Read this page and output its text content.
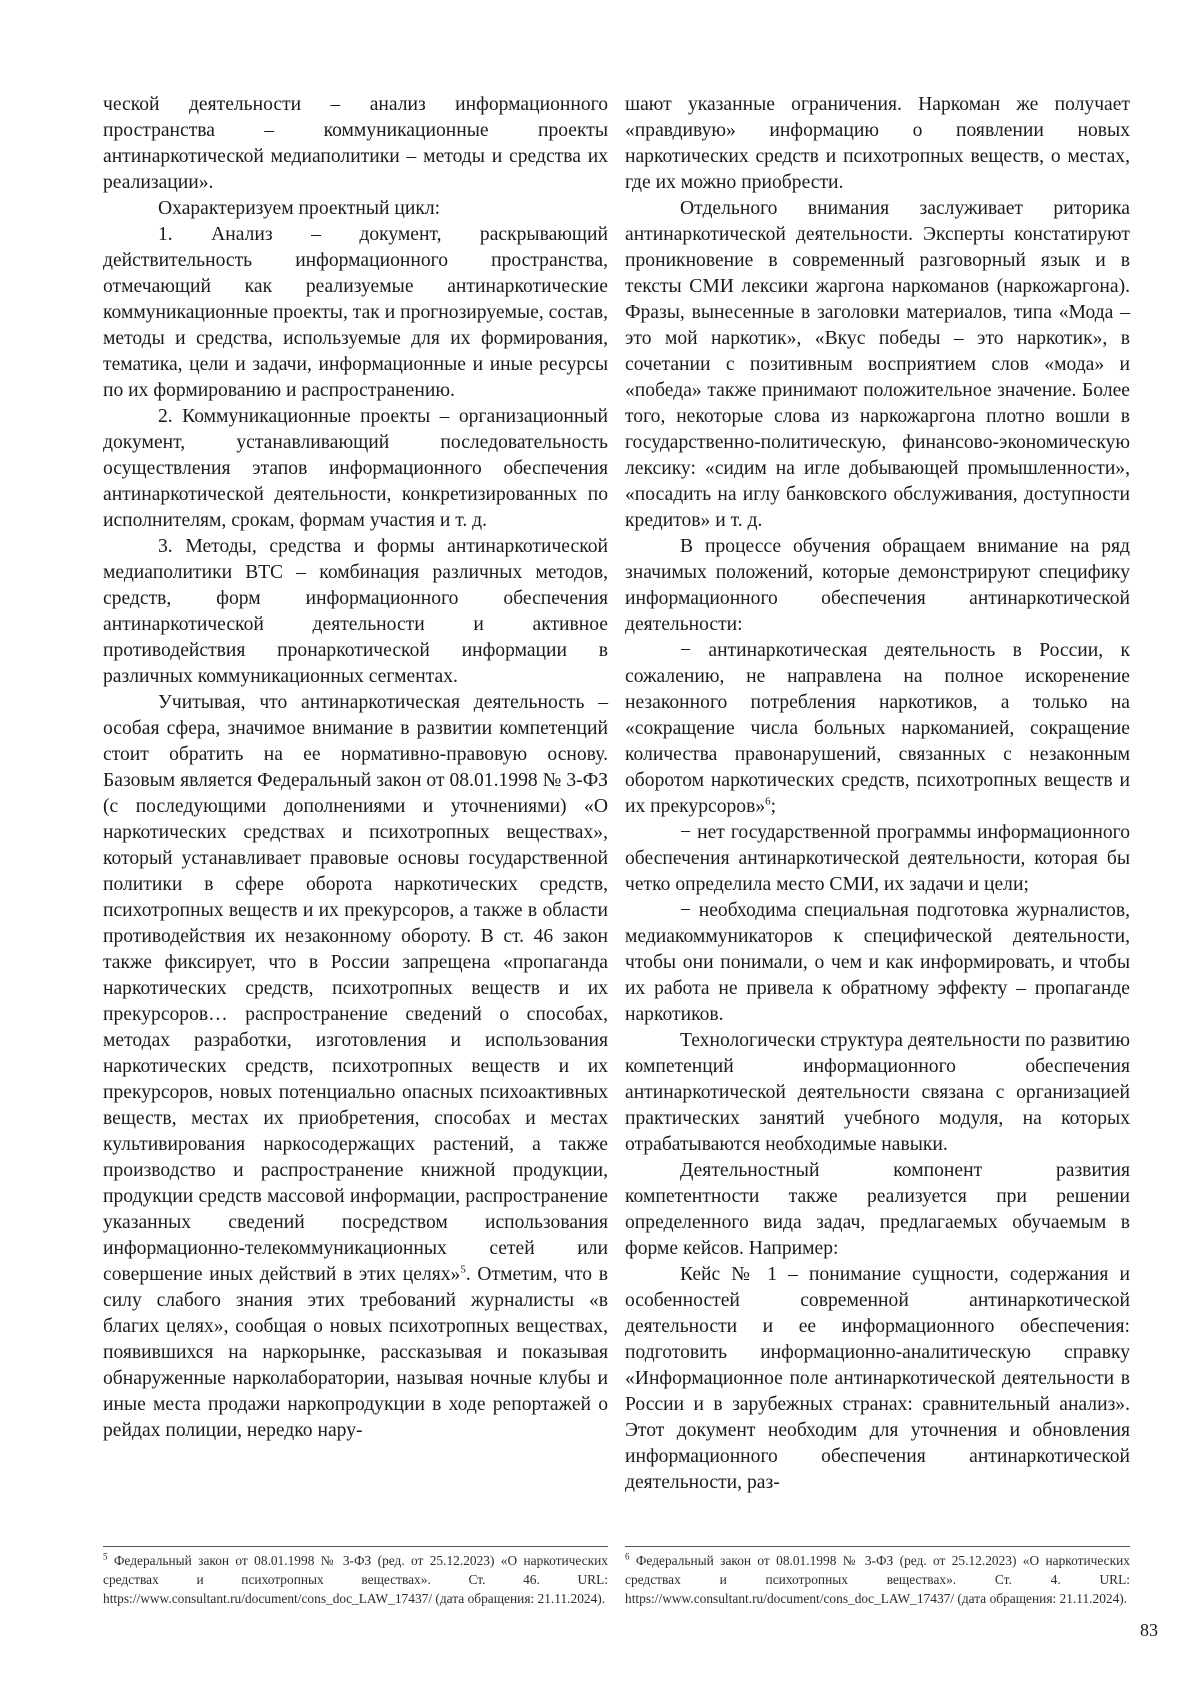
ческой деятельности – анализ информационного пространства – коммуникационные проекты антинаркотической медиаполитики – методы и средства их реализации».

Охарактеризуем проектный цикл:

1. Анализ – документ, раскрывающий действительность информационного пространства, отмечающий как реализуемые антинаркотические коммуникационные проекты, так и прогнозируемые, состав, методы и средства, используемые для их формирования, тематика, цели и задачи, информационные и иные ресурсы по их формированию и распространению.

2. Коммуникационные проекты – организационный документ, устанавливающий последовательность осуществления этапов информационного обеспечения антинаркотической деятельности, конкретизированных по исполнителям, срокам, формам участия и т. д.

3. Методы, средства и формы антинаркотической медиаполитики ВТС – комбинация различных методов, средств, форм информационного обеспечения антинаркотической деятельности и активное противодействия пронаркотической информации в различных коммуникационных сегментах.

Учитывая, что антинаркотическая деятельность – особая сфера, значимое внимание в развитии компетенций стоит обратить на ее нормативно-правовую основу. Базовым является Федеральный закон от 08.01.1998 № 3-ФЗ (с последующими дополнениями и уточнениями) «О наркотических средствах и психотропных веществах», который устанавливает правовые основы государственной политики в сфере оборота наркотических средств, психотропных веществ и их прекурсоров, а также в области противодействия их незаконному обороту. В ст. 46 закон также фиксирует, что в России запрещена «пропаганда наркотических средств, психотропных веществ и их прекурсоров… распространение сведений о способах, методах разработки, изготовления и использования наркотических средств, психотропных веществ и их прекурсоров, новых потенциально опасных психоактивных веществ, местах их приобретения, способах и местах культивирования наркосодержащих растений, а также производство и распространение книжной продукции, продукции средств массовой информации, распространение указанных сведений посредством использования информационно-телекоммуникационных сетей или совершение иных действий в этих целях»$^5$. Отметим, что в силу слабого знания этих требований журналисты «в благих целях», сообщая о новых психотропных веществах, появившихся на наркорынке, рассказывая и показывая обнаруженные нарколаборатории, называя ночные клубы и иные места продажи наркопродукции в ходе репортажей о рейдах полиции, нередко нару-

шают указанные ограничения. Наркоман же получает «правдивую» информацию о появлении новых наркотических средств и психотропных веществ, о местах, где их можно приобрести.

Отдельного внимания заслуживает риторика антинаркотической деятельности. Эксперты констатируют проникновение в современный разговорный язык и в тексты СМИ лексики жаргона наркоманов (наркожаргона). Фразы, вынесенные в заголовки материалов, типа «Мода – это мой наркотик», «Вкус победы – это наркотик», в сочетании с позитивным восприятием слов «мода» и «победа» также принимают положительное значение. Более того, некоторые слова из наркожаргона плотно вошли в государственно-политическую, финансово-экономическую лексику: «сидим на игле добывающей промышленности», «посадить на иглу банковского обслуживания, доступности кредитов» и т. д.

В процессе обучения обращаем внимание на ряд значимых положений, которые демонстрируют специфику информационного обеспечения антинаркотической деятельности:

− антинаркотическая деятельность в России, к сожалению, не направлена на полное искоренение незаконного потребления наркотиков, а только на «сокращение числа больных наркоманией, сокращение количества правонарушений, связанных с незаконным оборотом наркотических средств, психотропных веществ и их прекурсоров»$^6$;

− нет государственной программы информационного обеспечения антинаркотической деятельности, которая бы четко определила место СМИ, их задачи и цели;

− необходима специальная подготовка журналистов, медиакоммуникаторов к специфической деятельности, чтобы они понимали, о чем и как информировать, и чтобы их работа не привела к обратному эффекту – пропаганде наркотиков.

Технологически структура деятельности по развитию компетенций информационного обеспечения антинаркотической деятельности связана с организацией практических занятий учебного модуля, на которых отрабатываются необходимые навыки.

Деятельностный компонент развития компетентности также реализуется при решении определенного вида задач, предлагаемых обучаемым в форме кейсов. Например:

Кейс № 1 – понимание сущности, содержания и особенностей современной антинаркотической деятельности и ее информационного обеспечения: подготовить информационно-аналитическую справку «Информационное поле антинаркотической деятельности в России и в зарубежных странах: сравнительный анализ». Этот документ необходим для уточнения и обновления информационного обеспечения антинаркотической деятельности, раз-

$^5$ Федеральный закон от 08.01.1998 № 3-ФЗ (ред. от 25.12.2023) «О наркотических средствах и психотропных веществах». Ст. 46. URL: https://www.consultant.ru/document/cons_doc_LAW_17437/ (дата обращения: 21.11.2024).

$^6$ Федеральный закон от 08.01.1998 № 3-ФЗ (ред. от 25.12.2023) «О наркотических средствах и психотропных веществах». Ст. 4. URL: https://www.consultant.ru/document/cons_doc_LAW_17437/ (дата обращения: 21.11.2024).

83
